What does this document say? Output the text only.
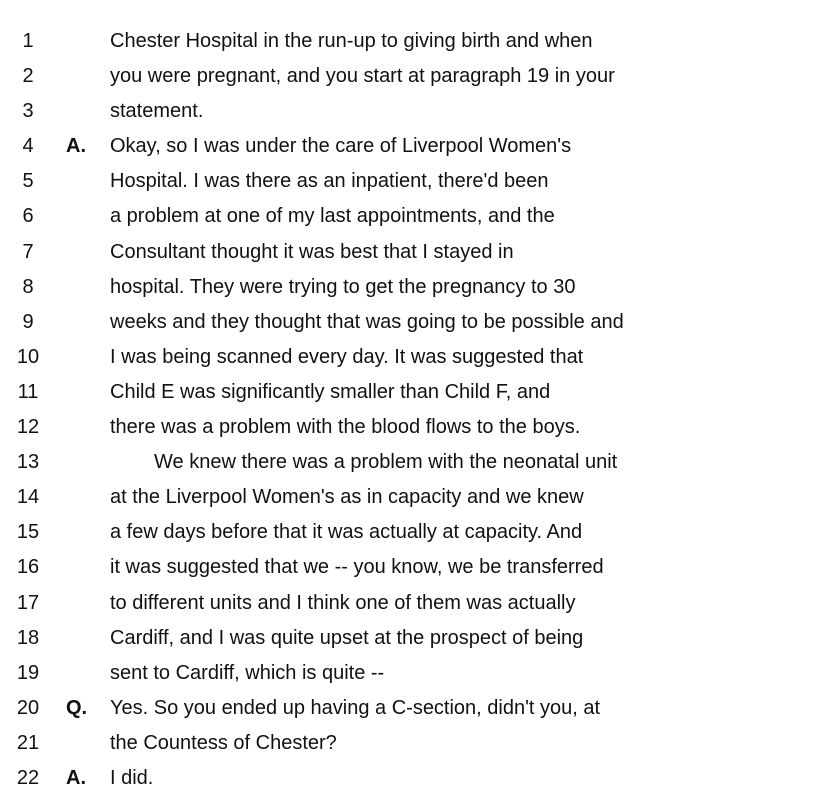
1	Chester Hospital in the run-up to giving birth and when
2	you were pregnant, and you start at paragraph 19 in your
3	statement.
4	A. Okay, so I was under the care of Liverpool Women's
5	Hospital. I was there as an inpatient, there'd been
6	a problem at one of my last appointments, and the
7	Consultant thought it was best that I stayed in
8	hospital. They were trying to get the pregnancy to 30
9	weeks and they thought that was going to be possible and
10	I was being scanned every day. It was suggested that
11	Child E was significantly smaller than Child F, and
12	there was a problem with the blood flows to the boys.
13	We knew there was a problem with the neonatal unit
14	at the Liverpool Women's as in capacity and we knew
15	a few days before that it was actually at capacity. And
16	it was suggested that we -- you know, we be transferred
17	to different units and I think one of them was actually
18	Cardiff, and I was quite upset at the prospect of being
19	sent to Cardiff, which is quite --
20	Q. Yes. So you ended up having a C-section, didn't you, at
21	the Countess of Chester?
22	A. I did.
